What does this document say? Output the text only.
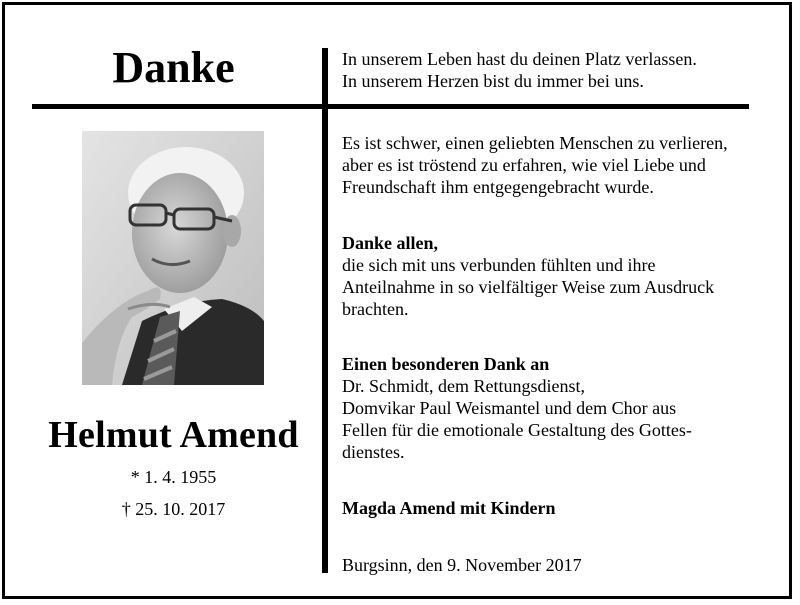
Danke
Helmut Amend
* 1. 4. 1955
† 25. 10. 2017

In unserem Leben hast du deinen Platz verlassen.

In unserem Herzen bist du immer bei uns.

Es ist schwer, einen geliebten Menschen zu verlieren,

aber es ist tröstend zu erfahren, wie viel Liebe und

Freundschaft ihm entgegengebracht wurde.

Danke allen,

die sich mit uns verbunden fühlten und ihre

Anteilnahme in so vielfältiger Weise zum Ausdruck

brachten.

Einen besonderen Dank an

Dr. Schmidt, dem Rettungsdienst,

Domvikar Paul Weismantel und dem Chor aus

Fellen für die emotionale Gestaltung des Gottes-

dienstes.

Magda Amend mit Kindern
Burgsinn, den 9. November 2017
